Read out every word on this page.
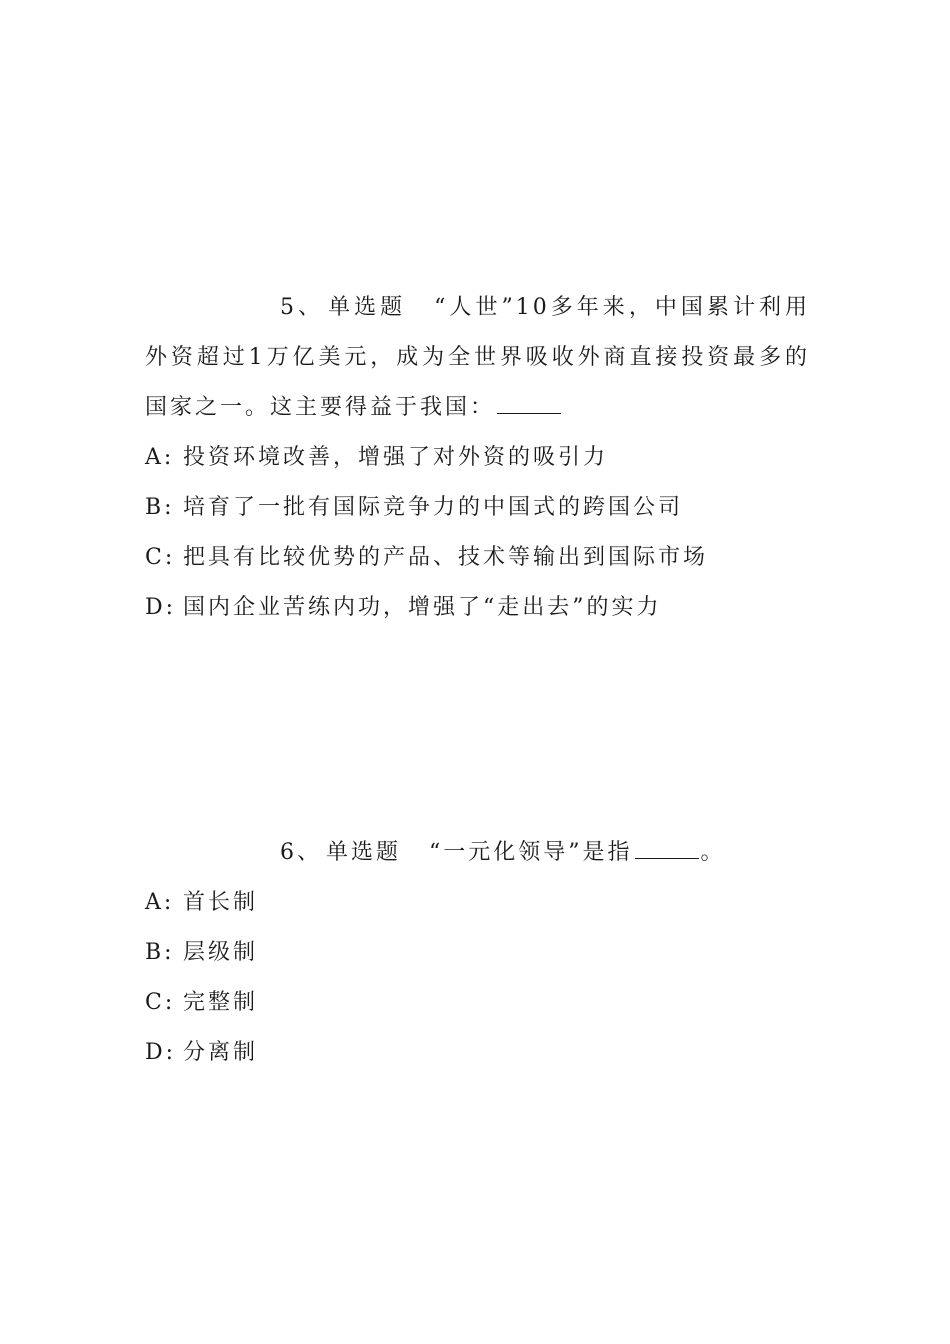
5、 单选题 “人世”10多年来，中国累计利用外资超过1万亿美元，成为全世界吸收外商直接投资最多的国家之一。这主要得益于我国：

A: 投资环境改善，增强了对外资的吸引力
B: 培育了一批有国际竞争力的中国式的跨国公司
C: 把具有比较优势的产品、技术等输出到国际市场
D: 国内企业苦练内功，增强了“走出去”的实力

6、 单选题 “一元化领导”是指	。

A: 首长制
B: 层级制
C: 完整制
D: 分离制
